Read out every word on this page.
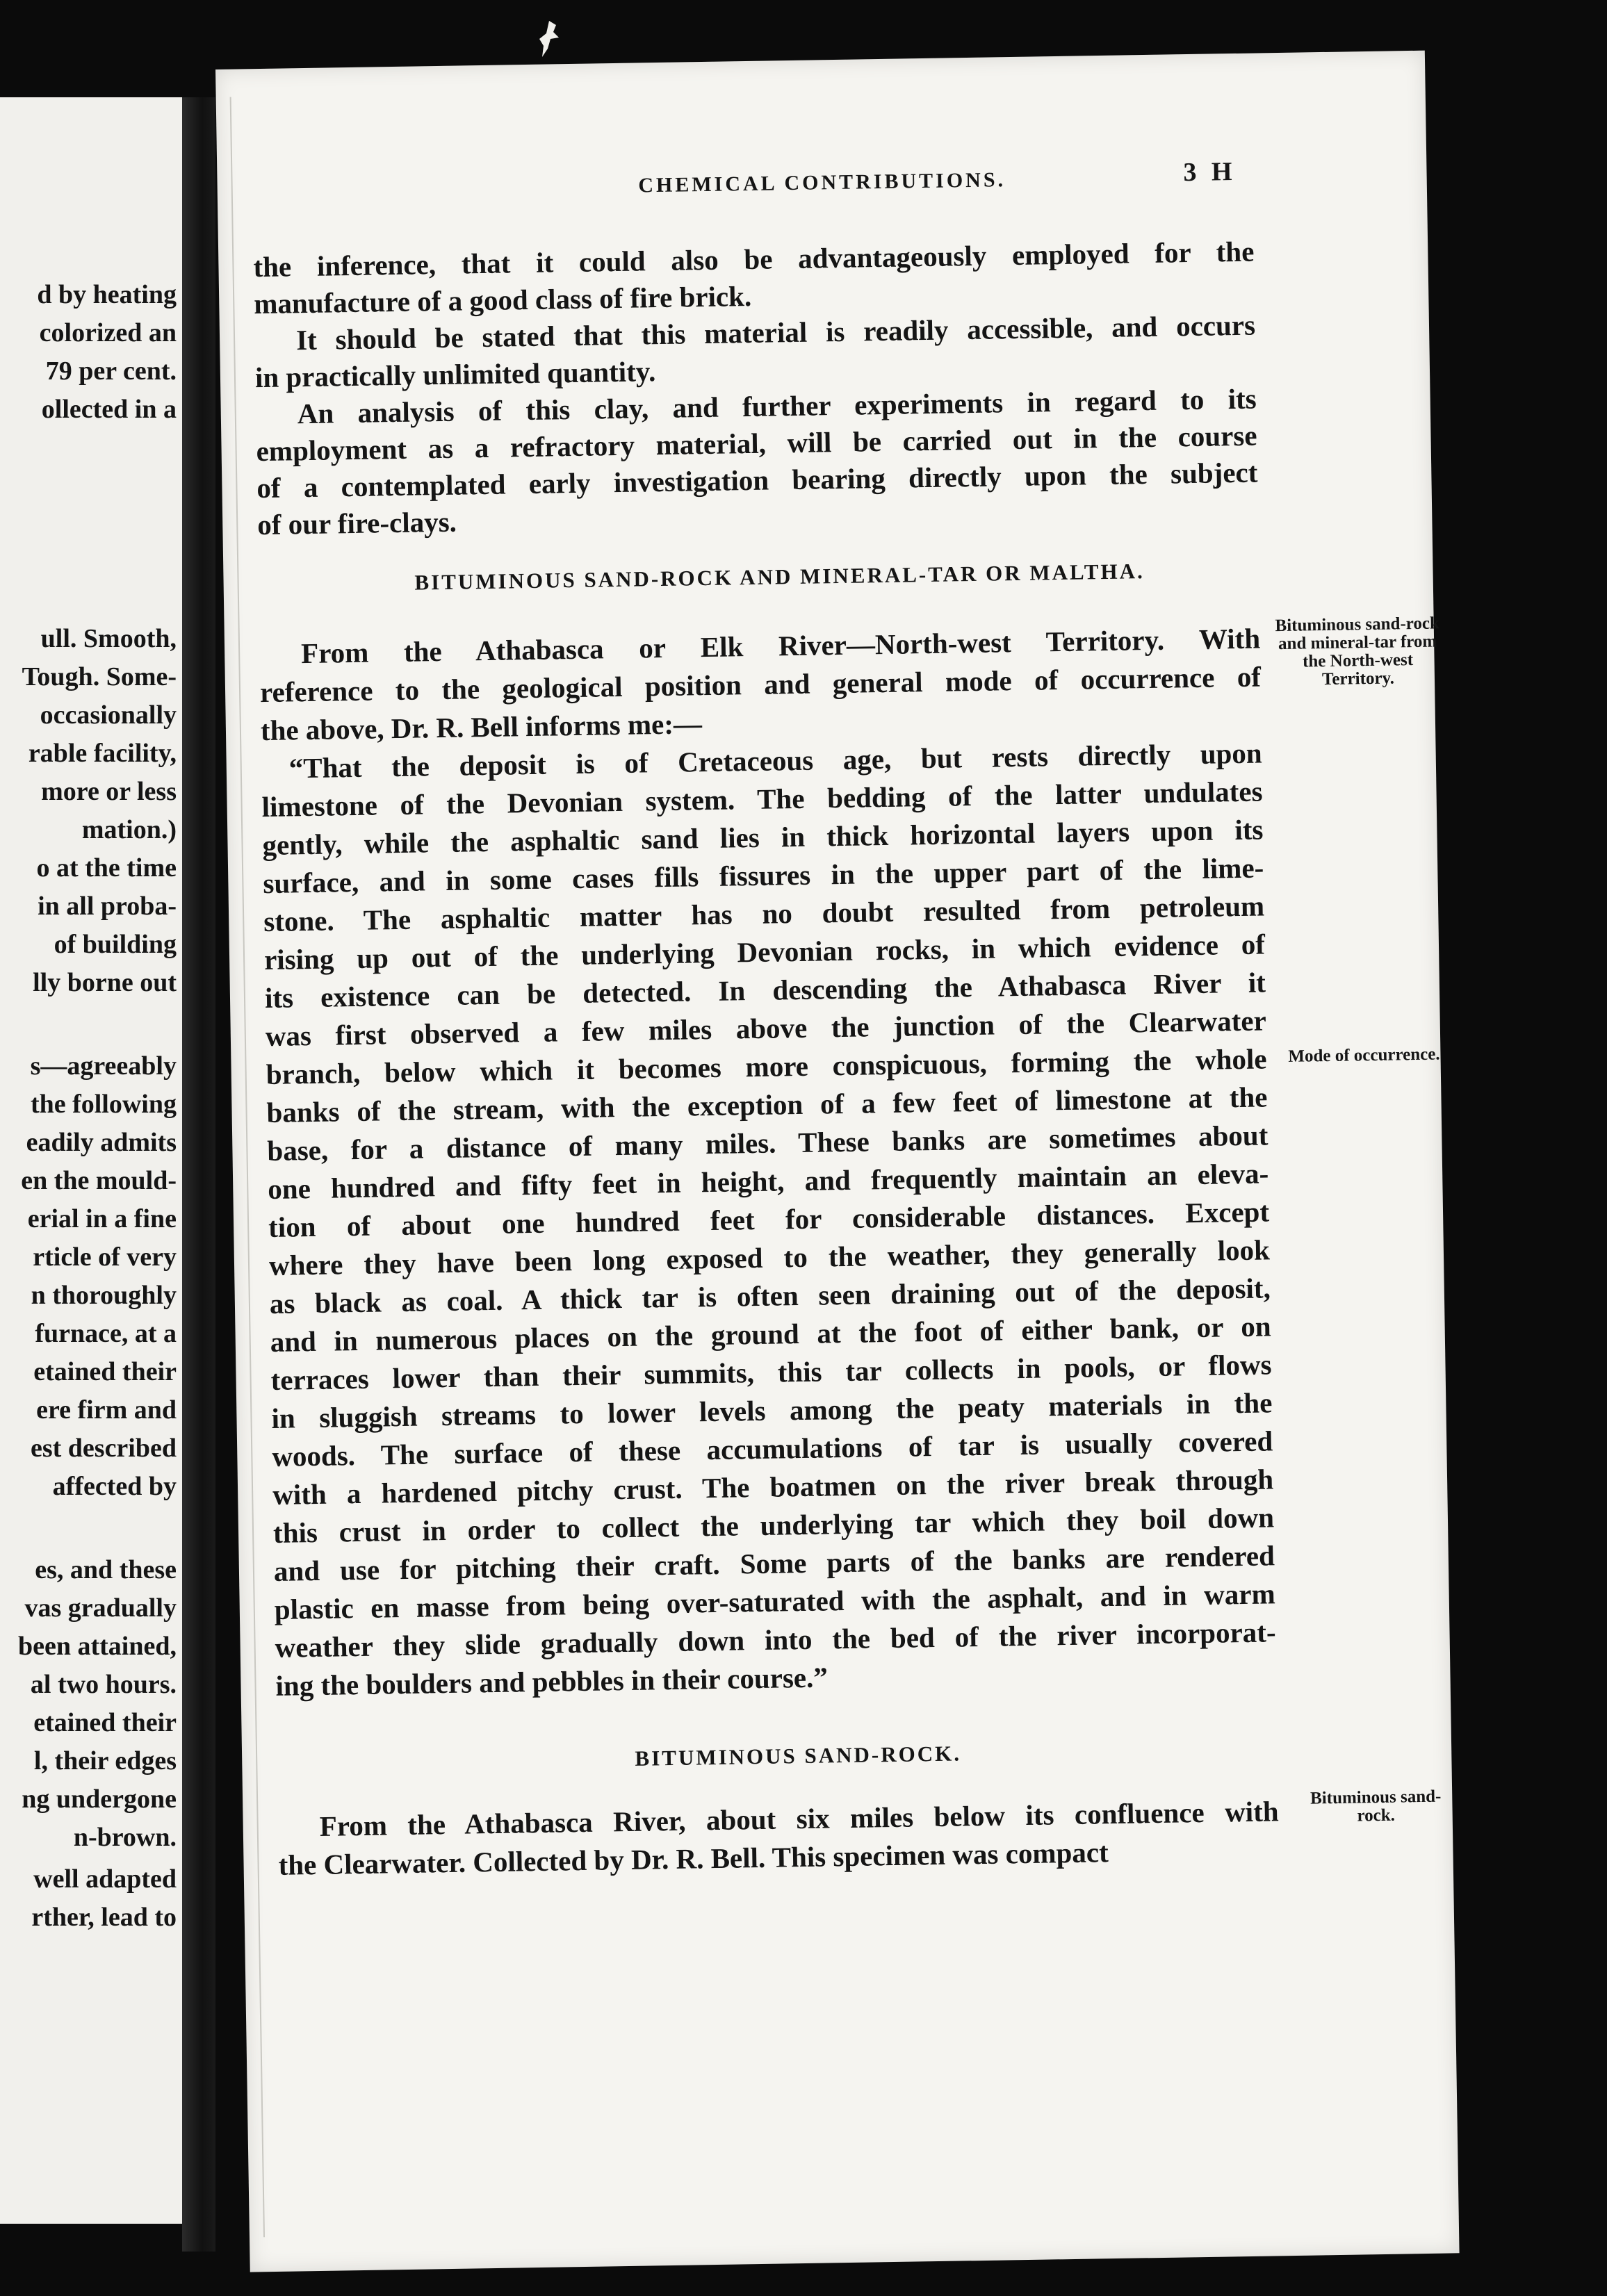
d by heating
colorized an
79 per cent.
ollected in a
ull. Smooth,
Tough. Some-
occasionally
rable facility,
more or less
mation.)
o at the time
in all proba-
of building
lly borne out
s—agreeably
the following
eadily admits
en the mould-
erial in a fine
rticle of very
n thoroughly
furnace, at a
etained their
ere firm and
est described
affected by
es, and these
vas gradually
been attained,
al two hours.
etained their
l, their edges
ng undergone
n-brown.
well adapted
rther, lead to
CHEMICAL CONTRIBUTIONS.	3 H
the inference, that it could also be advantageously employed for the
manufacture of a good class of fire brick.
It should be stated that this material is readily accessible, and occurs
in practically unlimited quantity.
An analysis of this clay, and further experiments in regard to its
employment as a refractory material, will be carried out in the course
of a contemplated early investigation bearing directly upon the subject
of our fire-clays.
BITUMINOUS SAND-ROCK AND MINERAL-TAR OR MALTHA.
From the Athabasca or Elk River—North-west Territory. With
reference to the geological position and general mode of occurrence of
the above, Dr. R. Bell informs me:—
“That the deposit is of Cretaceous age, but rests directly upon
limestone of the Devonian system. The bedding of the latter undulates
gently, while the asphaltic sand lies in thick horizontal layers upon its
surface, and in some cases fills fissures in the upper part of the lime-
stone. The asphaltic matter has no doubt resulted from petroleum
rising up out of the underlying Devonian rocks, in which evidence of
its existence can be detected. In descending the Athabasca River it
was first observed a few miles above the junction of the Clearwater
branch, below which it becomes more conspicuous, forming the whole
banks of the stream, with the exception of a few feet of limestone at the
base, for a distance of many miles. These banks are sometimes about
one hundred and fifty feet in height, and frequently maintain an eleva-
tion of about one hundred feet for considerable distances. Except
where they have been long exposed to the weather, they generally look
as black as coal. A thick tar is often seen draining out of the deposit,
and in numerous places on the ground at the foot of either bank, or on
terraces lower than their summits, this tar collects in pools, or flows
in sluggish streams to lower levels among the peaty materials in the
woods. The surface of these accumulations of tar is usually covered
with a hardened pitchy crust. The boatmen on the river break through
this crust in order to collect the underlying tar which they boil down
and use for pitching their craft. Some parts of the banks are rendered
plastic en masse from being over-saturated with the asphalt, and in warm
weather they slide gradually down into the bed of the river incorporat-
ing the boulders and pebbles in their course.”
BITUMINOUS SAND-ROCK.
From the Athabasca River, about six miles below its confluence with
the Clearwater. Collected by Dr. R. Bell. This specimen was compact
Bituminous sand-rock and mineral-tar from the North-west Territory.
Mode of occurrence.
Bituminous sand-rock.
